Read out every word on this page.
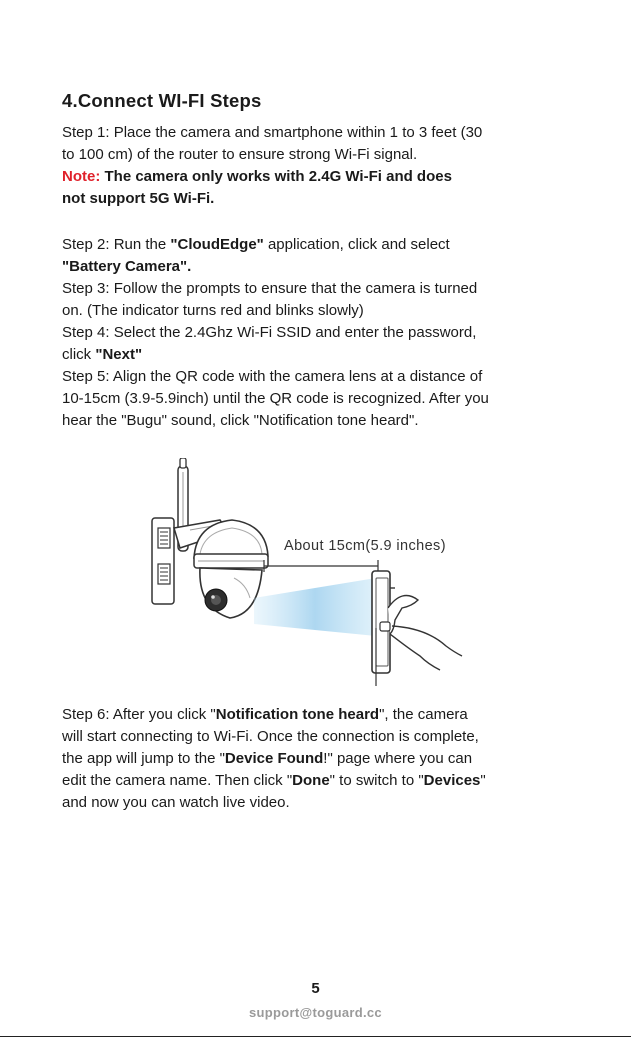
4.Connect WI-FI Steps
Step 1: Place the camera and smartphone within 1 to 3 feet (30
to 100 cm) of the router to ensure strong Wi-Fi signal.
Note: The camera only works with 2.4G Wi-Fi and does
not support 5G Wi-Fi.
Step 2: Run the "CloudEdge" application, click and select
"Battery Camera".
Step 3: Follow the prompts to ensure that the camera is turned
on. (The indicator turns red and blinks slowly)
Step 4: Select the 2.4Ghz Wi-Fi SSID and enter the password,
click "Next"
Step 5: Align the QR code with the camera lens at a distance of
10-15cm (3.9-5.9inch) until the QR code is recognized. After you
hear the "Bugu" sound, click "Notification tone heard".
About 15cm(5.9 inches)
Step 6: After you click "Notification tone heard", the camera
will start connecting to Wi-Fi. Once the connection is complete,
the app will jump to the "Device Found!" page where you can
edit the camera name. Then click "Done" to switch to "Devices"
and now you can watch live video.
5
support@toguard.cc
